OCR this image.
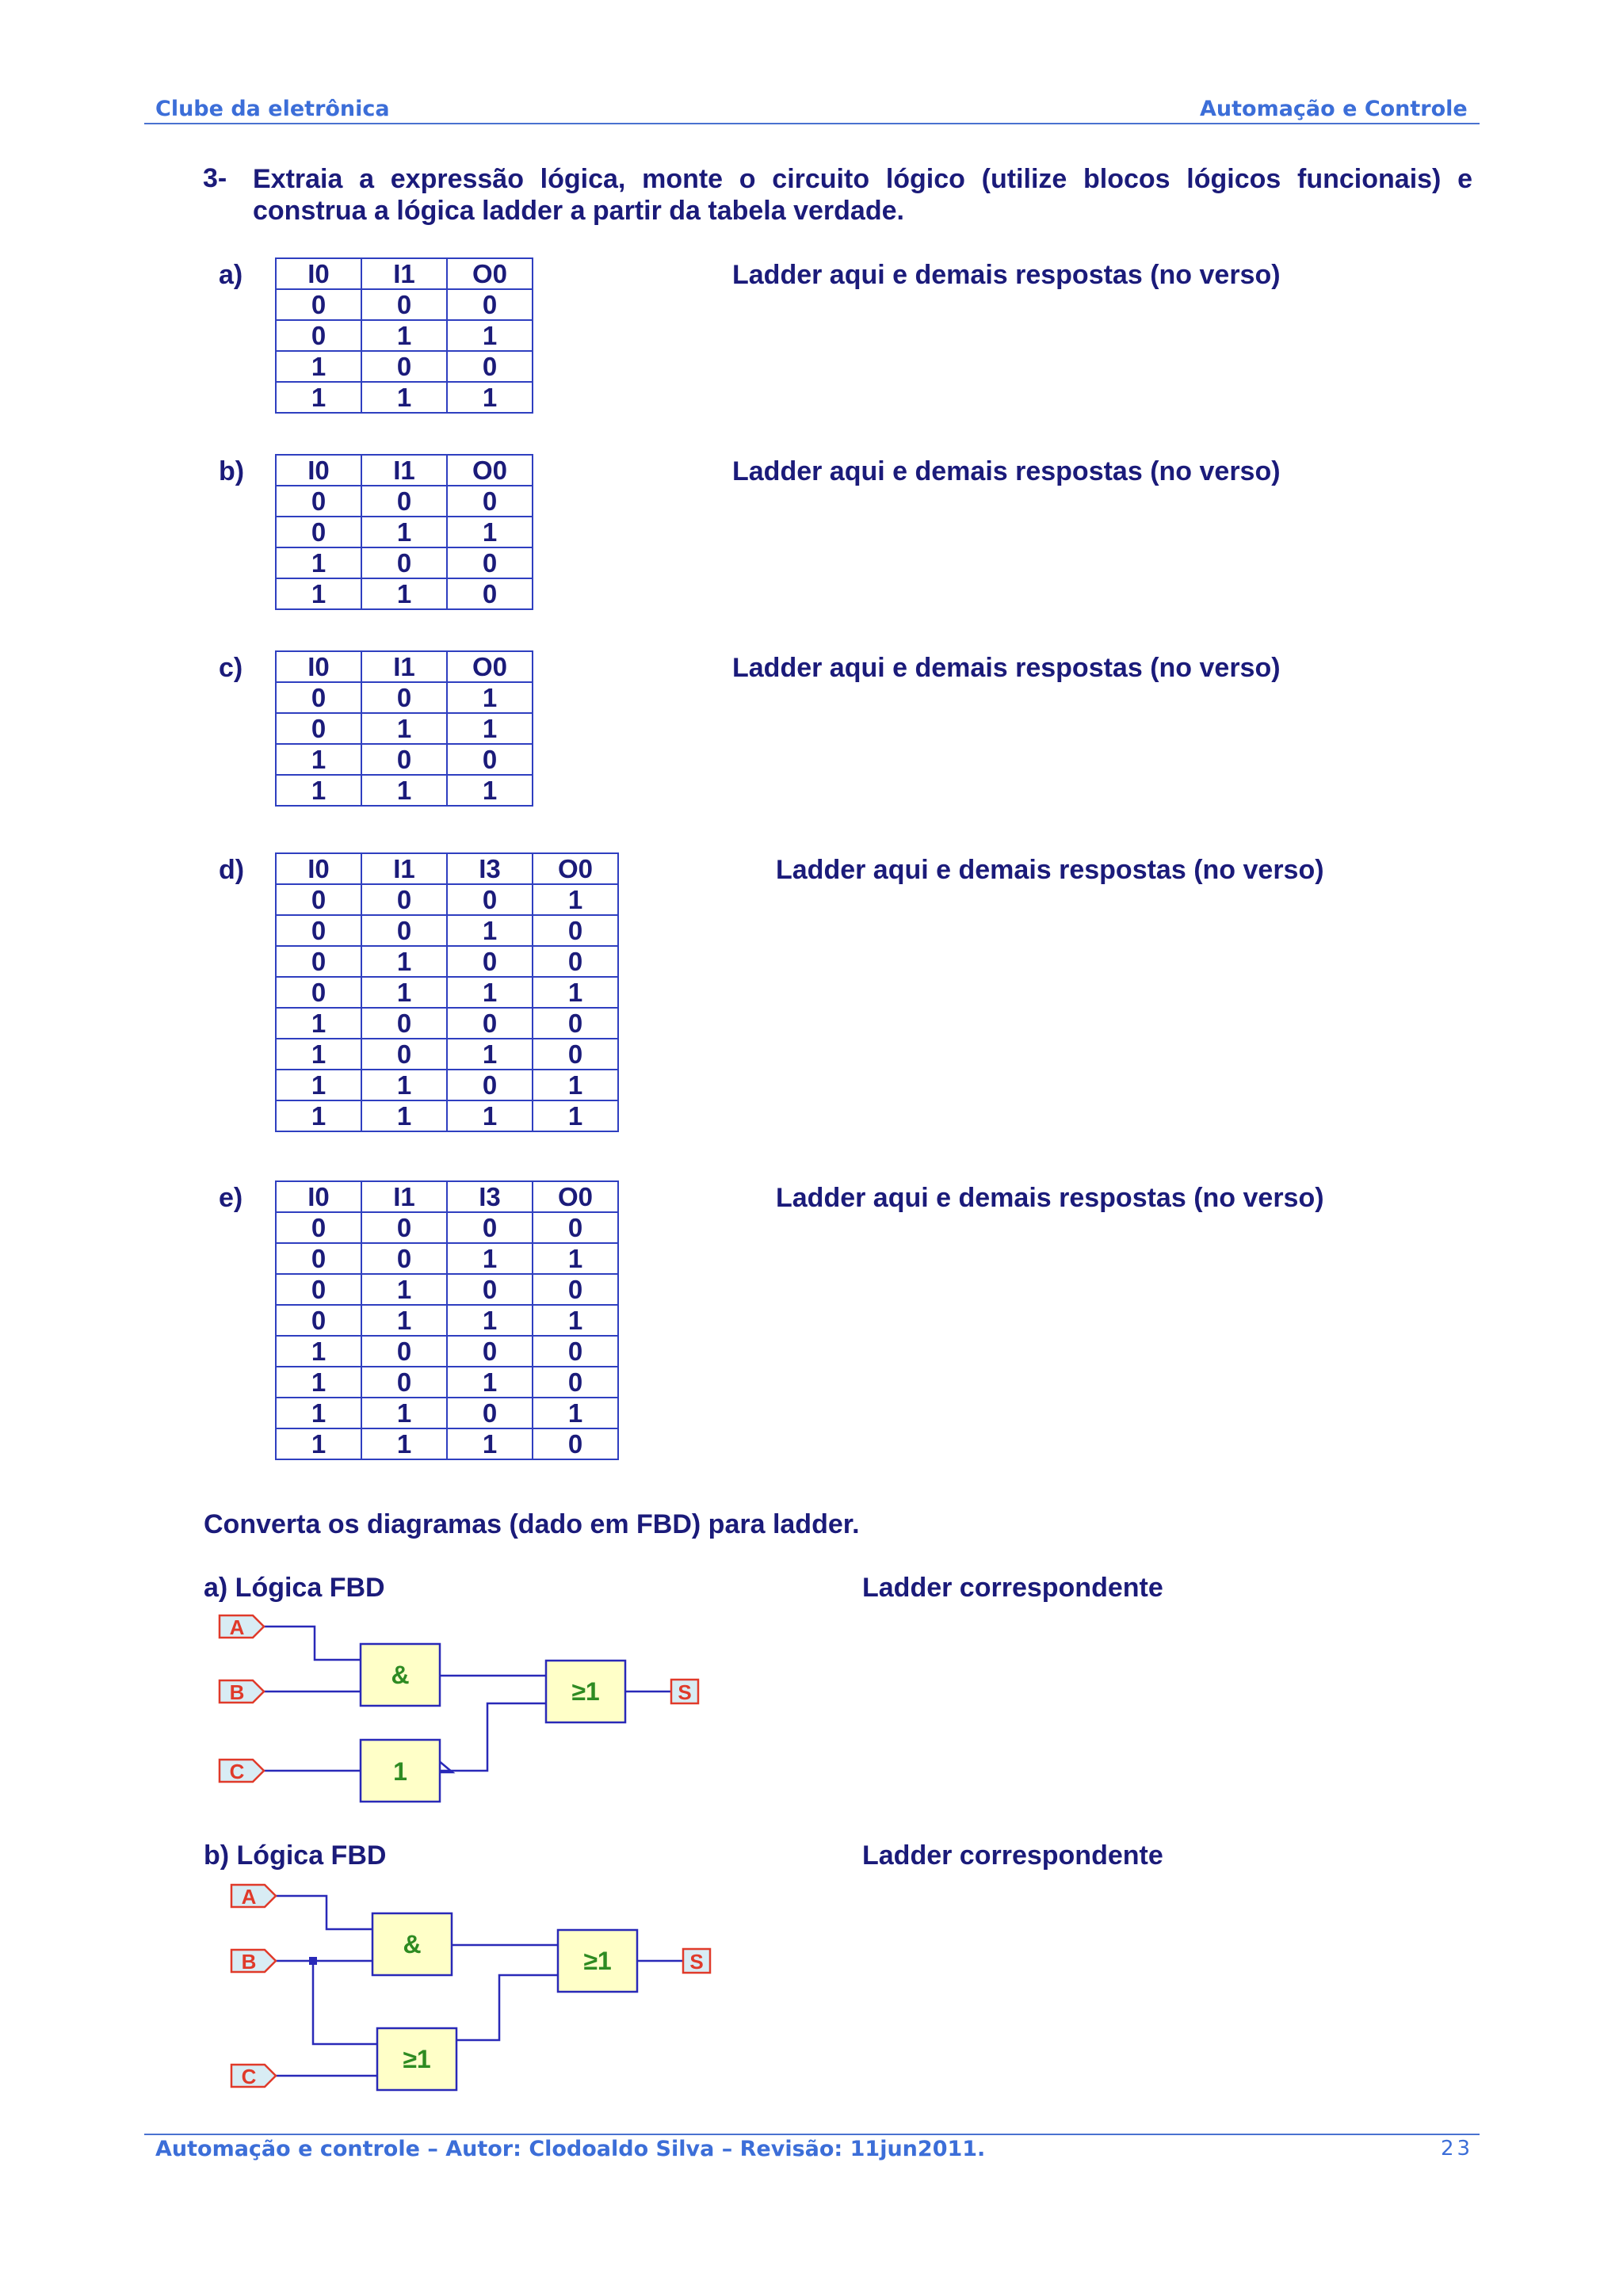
Clube da eletrônica	Automação e Controle
3- Extraia a expressão lógica, monte o circuito lógico (utilize blocos lógicos funcionais) e
construa a lógica ladder a partir da tabela verdade.
a) I0	I1	O0
0	0	0
0	1	1
1	0	0
1	1	1
Ladder aqui e demais respostas (no verso)
b) I0	I1	O0
0	0	0
0	1	1
1	0	0
1	1	0
Ladder aqui e demais respostas (no verso)
c) I0	I1	O0
0	0	1
0	1	1
1	0	0
1	1	1
Ladder aqui e demais respostas (no verso)
d) I0	I1	I3	O0
0	0	0	1
0	0	1	0
0	1	0	0
0	1	1	1
1	0	0	0
1	0	1	0
1	1	0	1
1	1	1	1
Ladder aqui e demais respostas (no verso)
e) I0	I1	I3	O0
0	0	0	0
0	0	1	1
0	1	0	0
0	1	1	1
1	0	0	0
1	0	1	0
1	1	0	1
1	1	1	0
Ladder aqui e demais respostas (no verso)
Converta os diagramas (dado em FBD) para ladder.
a) Lógica FBD	Ladder correspondente
A
B
C
&
1
≥1	S
b) Lógica FBD	Ladder correspondente
A
B
C
&
≥1
≥1	S
Automação e controle – Autor: Clodoaldo Silva – Revisão: 11jun2011.	23
